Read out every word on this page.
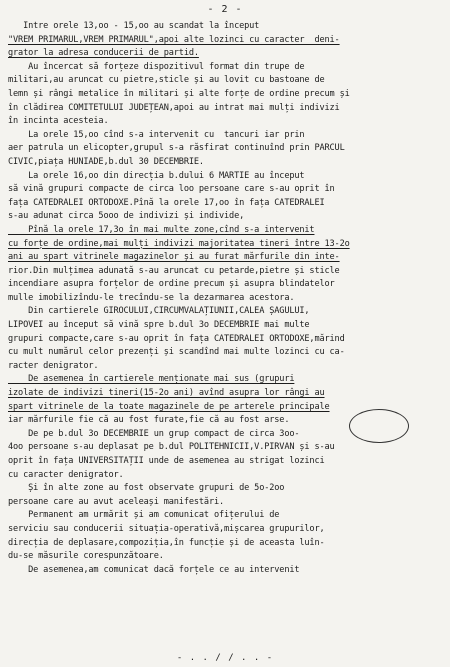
- 2 -
Intre orele 13,oo - 15,oo au scandat la început
"VREM PRIMARUL,VREM PRIMARUL",apoi alte lozinci cu caracter  deni-
grator la adresa conducerii de partid.
Au încercat să forțeze dispozitivul format din trupe de
militari,au aruncat cu pietre,sticle și au lovit cu bastoane de
lemn și rângi metalice în militari și alte forțe de ordine precum și
în clădirea COMITETULUI JUDEȚEAN,apoi au intrat mai mulți indivizi
în incinta acesteia.
La orele 15,oo cînd s-a intervenit cu  tancuri iar prin
aer patrula un elicopter,grupul s-a răsfirat continuînd prin PARCUL
CIVIC,piața HUNIADE,b.dul 30 DECEMBRIE.
La orele 16,oo din direcția b.dului 6 MARTIE au început
să vină grupuri compacte de circa loo persoane care s-au oprit în
fața CATEDRALEI ORTODOXE.Pînă la orele 17,oo în fața CATEDRALEI
s-au adunat circa 5ooo de indivizi și individe,
Pînă la orele 17,3o în mai multe zone,cînd s-a intervenit
cu forțe de ordine,mai mulți indivizi majoritatea tineri între 13-2o
ani au spart vitrinele magazinelor și au furat mărfurile din inte-
rior.Din mulțimea adunată s-au aruncat cu petarde,pietre și sticle
incendiare asupra forțelor de ordine precum și asupra blindatelor
mulle imobilizîndu-le trecîndu-se la dezarmarea acestora.
Din cartierele GIROCULUI,CIRCUMVALAȚIUNII,CALEA ȘAGULUI,
LIPOVEI au început să vină spre b.dul 3o DECEMBRIE mai multe
grupuri compacte,care s-au oprit în fața CATEDRALEI ORTODOXE,mărind
cu mult numărul celor prezenți și scandînd mai multe lozinci cu ca-
racter denigrator.
De asemenea în cartierele menționate mai sus (grupuri
izolate de indivizi tineri(15-2o ani) avînd asupra lor rângi au
spart vitrinele de la toate magazinele de pe arterele principale
iar mărfurile fie că au fost furate,fie că au fost arse.
De pe b.dul 3o DECEMBRIE un grup compact de circa 3oo-
4oo persoane s-au deplasat pe b.dul POLITEHNICII,V.PIRVAN și s-au
oprit în fața UNIVERSITAȚII unde de asemenea au strigat lozinci
cu caracter denigrator.
Și în alte zone au fost observate grupuri de 5o-2oo
persoane care au avut aceleași manifestări.
Permanent am urmărit și am comunicat ofițerului de
serviciu sau conducerii situația-operativă,mișcarea grupurilor,
direcția de deplasare,compoziția,în funcție și de aceasta luîn-
du-se măsurile corespunzătoare.
De asemenea,am comunicat dacă forțele ce au intervenit
- . . / / . . -
